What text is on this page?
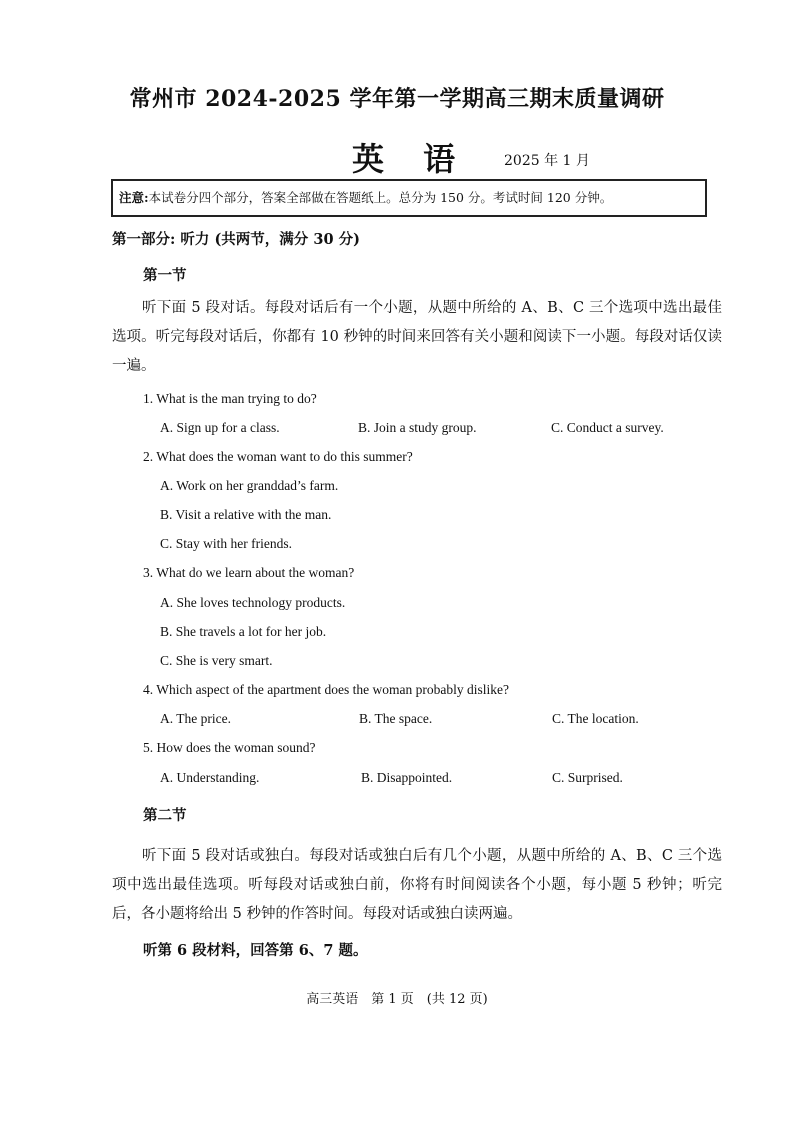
常州市 2024-2025 学年第一学期高三期末质量调研
英 语 2025 年 1 月
注意:本试卷分四个部分，答案全部做在答题纸上。总分为 150 分。考试时间 120 分钟。
第一部分: 听力 (共两节，满分 30 分)
第一节
听下面 5 段对话。每段对话后有一个小题，从题中所给的 A、B、C 三个选项中选出最佳选项。听完每段对话后，你都有 10 秒钟的时间来回答有关小题和阅读下一小题。每段对话仅读一遍。
1. What is the man trying to do?
A. Sign up for a class.	B. Join a study group.	C. Conduct a survey.
2. What does the woman want to do this summer?
A. Work on her granddad’s farm.
B. Visit a relative with the man.
C. Stay with her friends.
3. What do we learn about the woman?
A. She loves technology products.
B. She travels a lot for her job.
C. She is very smart.
4. Which aspect of the apartment does the woman probably dislike?
A. The price.	B. The space.	C. The location.
5. How does the woman sound?
A. Understanding.	B. Disappointed.	C. Surprised.
第二节
听下面 5 段对话或独白。每段对话或独白后有几个小题，从题中所给的 A、B、C 三个选项中选出最佳选项。听每段对话或独白前，你将有时间阅读各个小题，每小题 5 秒钟；听完后，各小题将给出 5 秒钟的作答时间。每段对话或独白读两遍。
听第 6 段材料，回答第 6、7 题。
高三英语　第 1 页　(共 12 页)
